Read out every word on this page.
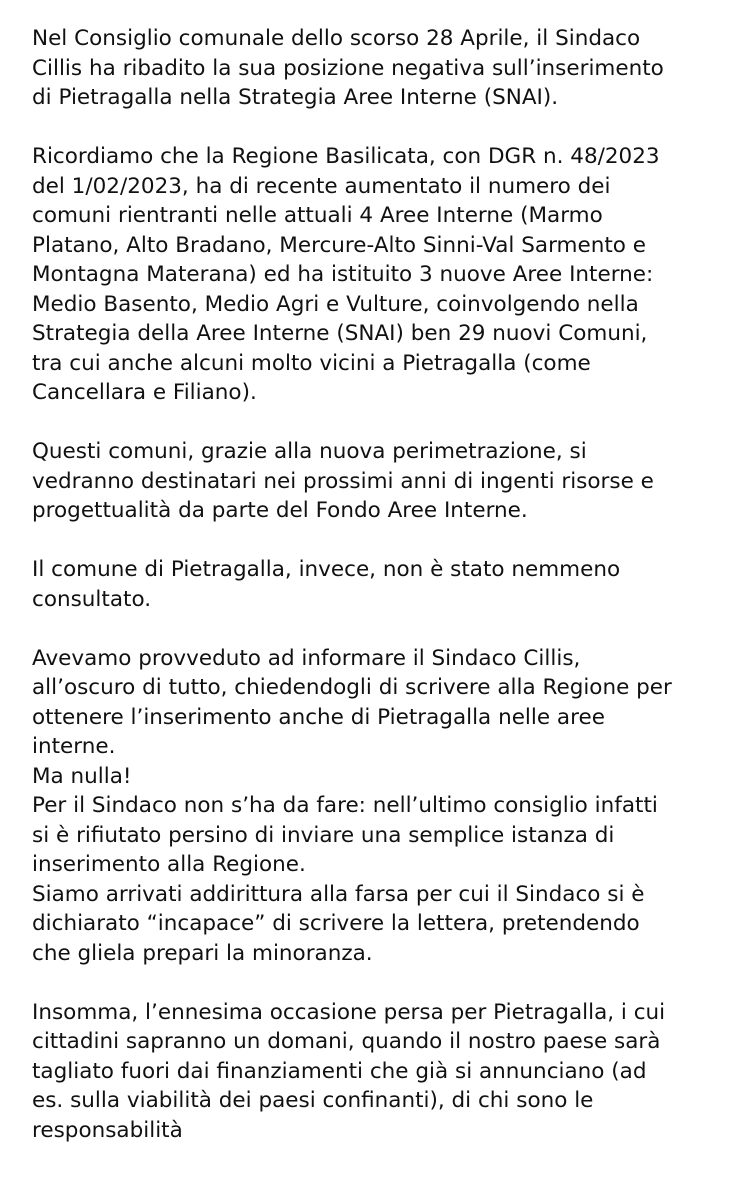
Nel Consiglio comunale dello scorso 28 Aprile, il Sindaco
Cillis ha ribadito la sua posizione negativa sull’inserimento
di Pietragalla nella Strategia Aree Interne (SNAI).

Ricordiamo che la Regione Basilicata, con DGR n. 48/2023
del 1/02/2023, ha di recente aumentato il numero dei
comuni rientranti nelle attuali 4 Aree Interne (Marmo
Platano, Alto Bradano, Mercure-Alto Sinni-Val Sarmento e
Montagna Materana) ed ha istituito 3 nuove Aree Interne:
Medio Basento, Medio Agri e Vulture, coinvolgendo nella
Strategia della Aree Interne (SNAI) ben 29 nuovi Comuni,
tra cui anche alcuni molto vicini a Pietragalla (come
Cancellara e Filiano).

Questi comuni, grazie alla nuova perimetrazione, si
vedranno destinatari nei prossimi anni di ingenti risorse e
progettualità da parte del Fondo Aree Interne.

Il comune di Pietragalla, invece, non è stato nemmeno
consultato.

Avevamo provveduto ad informare il Sindaco Cillis,
all’oscuro di tutto, chiedendogli di scrivere alla Regione per
ottenere l’inserimento anche di Pietragalla nelle aree
interne.

Ma nulla!

Per il Sindaco non s’ha da fare: nell’ultimo consiglio infatti
si è rifiutato persino di inviare una semplice istanza di
inserimento alla Regione.

Siamo arrivati addirittura alla farsa per cui il Sindaco si è
dichiarato “incapace” di scrivere la lettera, pretendendo
che gliela prepari la minoranza.

Insomma, l’ennesima occasione persa per Pietragalla, i cui
cittadini sapranno un domani, quando il nostro paese sarà
tagliato fuori dai finanziamenti che già si annunciano (ad
es. sulla viabilità dei paesi confinanti), di chi sono le
responsabilità
